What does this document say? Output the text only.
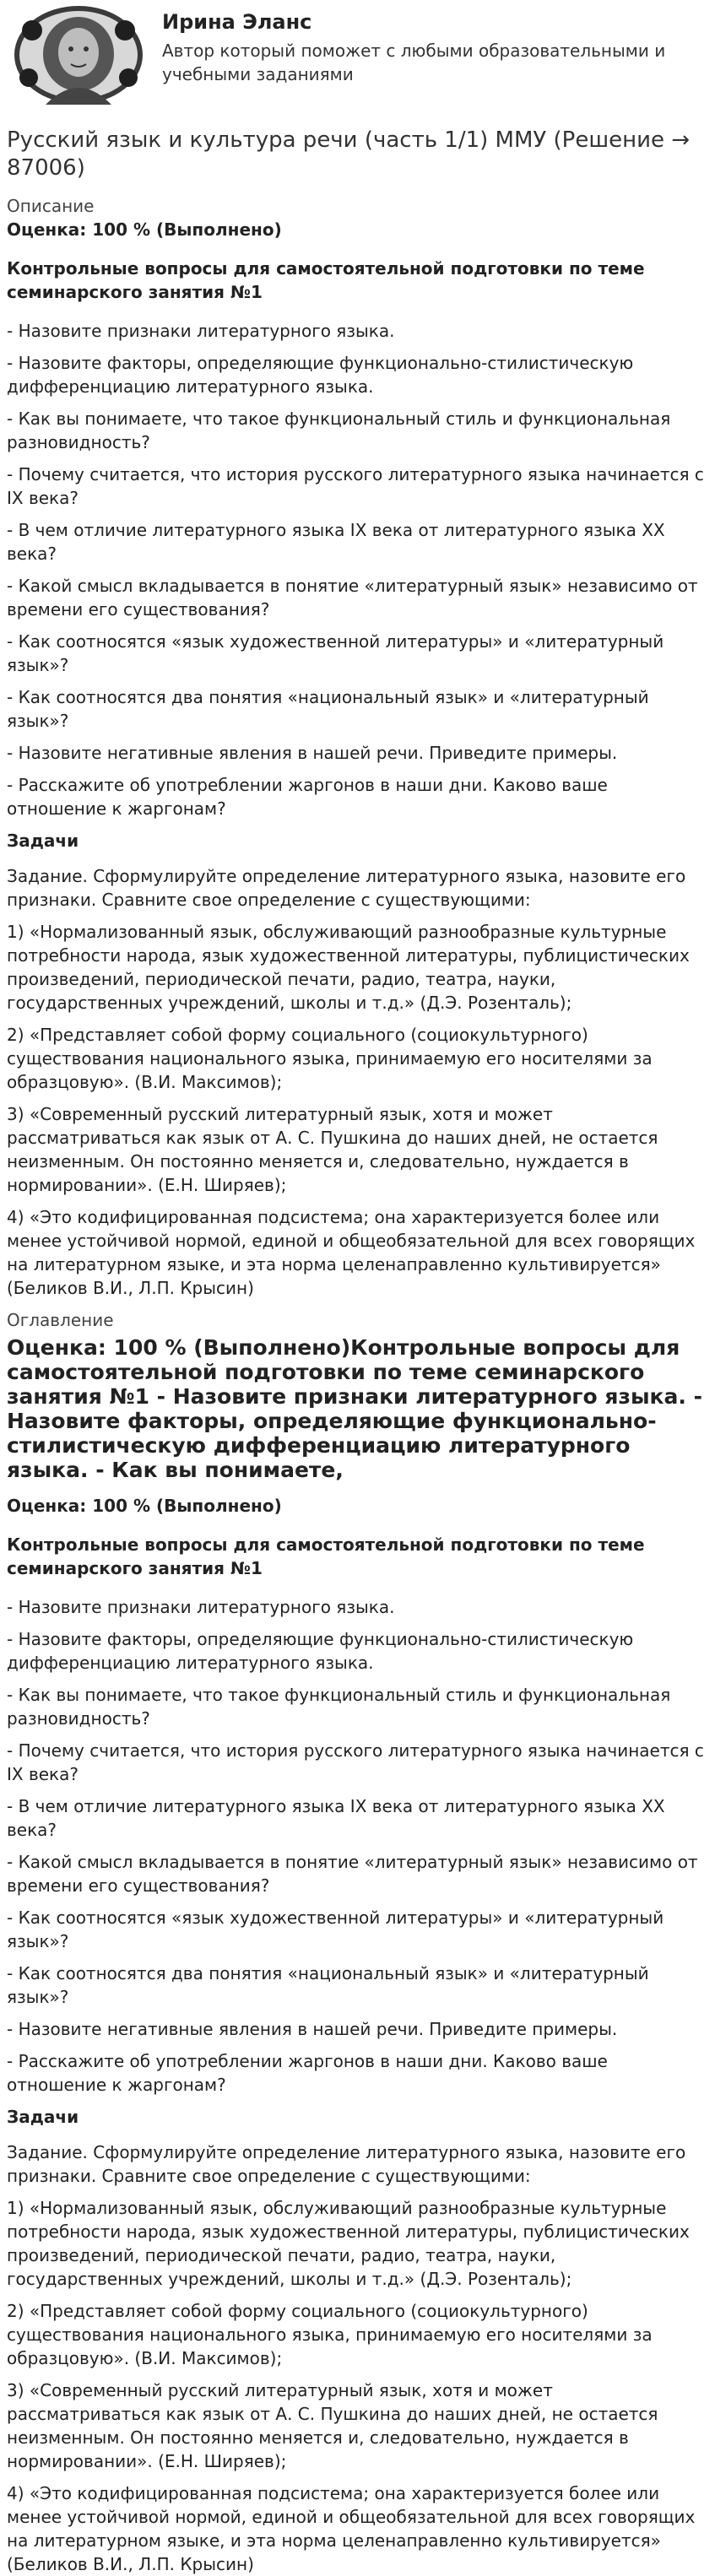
Ирина Эланс
Автор который поможет с любыми образовательными и учебными заданиями
Русский язык и культура речи (часть 1/1) ММУ (Решение → 87006)
Описание
Оценка: 100 % (Выполнено)
Контрольные вопросы для самостоятельной подготовки по теме семинарского занятия №1
- Назовите признаки литературного языка.
- Назовите факторы, определяющие функционально-стилистическую дифференциацию литературного языка.
- Как вы понимаете, что такое функциональный стиль и функциональная разновидность?
- Почему считается, что история русского литературного языка начинается с IX века?
- В чем отличие литературного языка IX века от литературного языка XX века?
- Какой смысл вкладывается в понятие «литературный язык» независимо от времени его существования?
- Как соотносятся «язык художественной литературы» и «литературный язык»?
- Как соотносятся два понятия «национальный язык» и «литературный язык»?
- Назовите негативные явления в нашей речи. Приведите примеры.
- Расскажите об употреблении жаргонов в наши дни. Каково ваше отношение к жаргонам?
Задачи
Задание. Сформулируйте определение литературного языка, назовите его признаки. Сравните свое определение с существующими:
1) «Нормализованный язык, обслуживающий разнообразные культурные потребности народа, язык художественной литературы, публицистических произведений, периодической печати, радио, театра, науки, государственных учреждений, школы и т.д.» (Д.Э. Розенталь);
2) «Представляет собой форму социального (социокультурного) существования национального языка, принимаемую его носителями за образцовую». (В.И. Максимов);
3) «Современный русский литературный язык, хотя и может рассматриваться как язык от А. С. Пушкина до наших дней, не остается неизменным. Он постоянно меняется и, следовательно, нуждается в нормировании». (Е.Н. Ширяев);
4) «Это кодифицированная подсистема; она характеризуется более или менее устойчивой нормой, единой и общеобязательной для всех говорящих на литературном языке, и эта норма целенаправленно культивируется» (Беликов В.И., Л.П. Крысин)
Оглавление
Оценка: 100 % (Выполнено)Контрольные вопросы для самостоятельной подготовки по теме семинарского занятия №1 - Назовите признаки литературного языка. - Назовите факторы, определяющие функционально-стилистическую дифференциацию литературного языка. - Как вы понимаете,
Оценка: 100 % (Выполнено)
Контрольные вопросы для самостоятельной подготовки по теме семинарского занятия №1
- Назовите признаки литературного языка.
- Назовите факторы, определяющие функционально-стилистическую дифференциацию литературного языка.
- Как вы понимаете, что такое функциональный стиль и функциональная разновидность?
- Почему считается, что история русского литературного языка начинается с IX века?
- В чем отличие литературного языка IX века от литературного языка XX века?
- Какой смысл вкладывается в понятие «литературный язык» независимо от времени его существования?
- Как соотносятся «язык художественной литературы» и «литературный язык»?
- Как соотносятся два понятия «национальный язык» и «литературный язык»?
- Назовите негативные явления в нашей речи. Приведите примеры.
- Расскажите об употреблении жаргонов в наши дни. Каково ваше отношение к жаргонам?
Задачи
Задание. Сформулируйте определение литературного языка, назовите его признаки. Сравните свое определение с существующими:
1) «Нормализованный язык, обслуживающий разнообразные культурные потребности народа, язык художественной литературы, публицистических произведений, периодической печати, радио, театра, науки, государственных учреждений, школы и т.д.» (Д.Э. Розенталь);
2) «Представляет собой форму социального (социокультурного) существования национального языка, принимаемую его носителями за образцовую». (В.И. Максимов);
3) «Современный русский литературный язык, хотя и может рассматриваться как язык от А. С. Пушкина до наших дней, не остается неизменным. Он постоянно меняется и, следовательно, нуждается в нормировании». (Е.Н. Ширяев);
4) «Это кодифицированная подсистема; она характеризуется более или менее устойчивой нормой, единой и общеобязательной для всех говорящих на литературном языке, и эта норма целенаправленно культивируется» (Беликов В.И., Л.П. Крысин)
